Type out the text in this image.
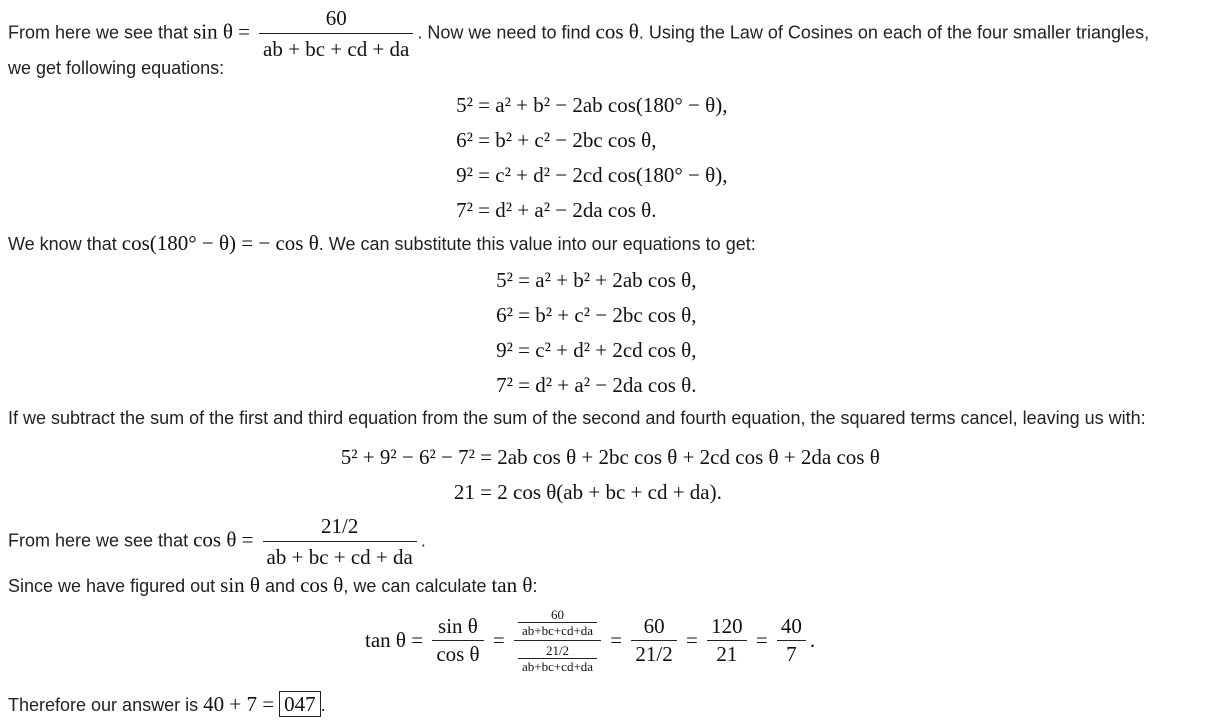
From here we see that $\sin \theta = \frac{60}{ab + bc + cd + da}$ . Now we need to find cos θ. Using the Law of Cosines on each of the four smaller triangles,
we get following equations:
5² = a² + b² − 2ab cos(180° − θ),
6² = b² + c² − 2bc cos θ,
9² = c² + d² − 2cd cos(180° − θ),
7² = d² + a² − 2da cos θ.
We know that cos(180° − θ) = − cos θ. We can substitute this value into our equations to get:
5² = a² + b² + 2ab cos θ,
6² = b² + c² − 2bc cos θ,
9² = c² + d² + 2cd cos θ,
7² = d² + a² − 2da cos θ.
If we subtract the sum of the first and third equation from the sum of the second and fourth equation, the squared terms cancel, leaving us with:
5² + 9² − 6² − 7² = 2ab cos θ + 2bc cos θ + 2cd cos θ + 2da cos θ
21 = 2 cos θ(ab + bc + cd + da).
From here we see that $\cos \theta = \frac{21/2}{ab + bc + cd + da}$ .
Since we have figured out sin θ and cos θ, we can calculate tan θ:
$\tan \theta = \frac{\text{sin θ}}{\text{cos θ}} = \frac{\frac{60}{ab+bc+cd+da}}{\frac{21/2}{ab+bc+cd+da}} = \frac{60}{21/2} = \frac{120}{21} = \frac{40}{7}$ .
Therefore our answer is 40 + 7 = 047 .
